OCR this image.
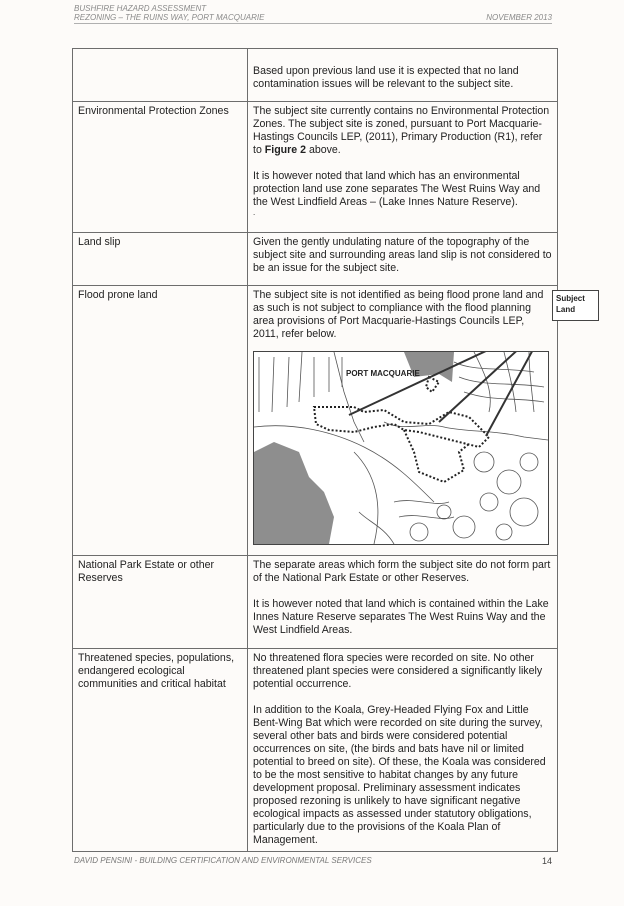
BUSHFIRE HAZARD ASSESSMENT
REZONING – THE RUINS WAY, PORT MACQUARIE	NOVEMBER 2013

	Based upon previous land use it is expected that no land contamination issues will be relevant to the subject site.

Environmental Protection Zones	The subject site currently contains no Environmental Protection Zones. The subject site is zoned, pursuant to Port Macquarie-Hastings Councils LEP, (2011), Primary Production (R1), refer to Figure 2 above.

It is however noted that land which has an environmental protection land use zone separates The West Ruins Way and the West Lindfield Areas – (Lake Innes Nature Reserve).

.

Land slip	Given the gently undulating nature of the topography of the subject site and surrounding areas land slip is not considered to be an issue for the subject site.

Flood prone land	The subject site is not identified as being flood prone land and as such is not subject to compliance with the flood planning area provisions of Port Macquarie-Hastings Councils LEP, 2011, refer below.

PORT MACQUARIE

National Park Estate or other Reserves	The separate areas which form the subject site do not form part of the National Park Estate or other Reserves.

It is however noted that land which is contained within the Lake Innes Nature Reserve separates The West Ruins Way and the West Lindfield Areas.

Threatened species, populations, endangered ecological communities and critical habitat	No threatened flora species were recorded on site. No other threatened plant species were considered a significantly likely potential occurrence.

In addition to the Koala, Grey-Headed Flying Fox and Little Bent-Wing Bat which were recorded on site during the survey, several other bats and birds were considered potential occurrences on site, (the birds and bats have nil or limited potential to breed on site). Of these, the Koala was considered to be the most sensitive to habitat changes by any future development proposal. Preliminary assessment indicates proposed rezoning is unlikely to have significant negative ecological impacts as assessed under statutory obligations, particularly due to the provisions of the Koala Plan of Management.

Subject
Land
DAVID PENSINI - BUILDING CERTIFICATION AND ENVIRONMENTAL SERVICES	14
